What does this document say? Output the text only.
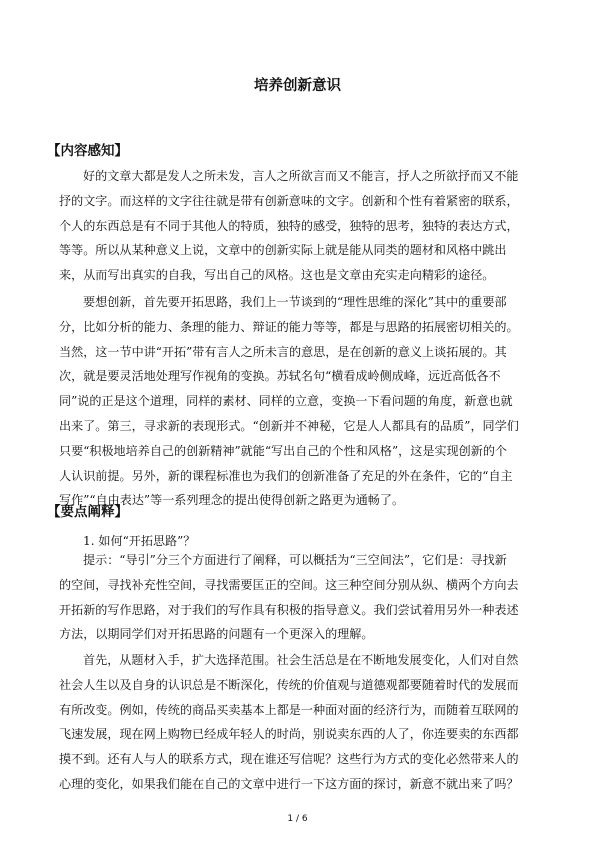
培养创新意识
【内容感知】
好的文章大都是发人之所未发，言人之所欲言而又不能言，抒人之所欲抒而又不能
抒的文字。而这样的文字往往就是带有创新意味的文字。创新和个性有着紧密的联系，
个人的东西总是有不同于其他人的特质，独特的感受，独特的思考，独特的表达方式，
等等。所以从某种意义上说，文章中的创新实际上就是能从同类的题材和风格中跳出
来，从而写出真实的自我，写出自己的风格。这也是文章由充实走向精彩的途径。
要想创新，首先要开拓思路，我们上一节谈到的“理性思维的深化”其中的重要部
分，比如分析的能力、条理的能力、辩证的能力等等，都是与思路的拓展密切相关的。
当然，这一节中讲“开拓”带有言人之所未言的意思，是在创新的意义上谈拓展的。其
次，就是要灵活地处理写作视角的变换。苏轼名句“横看成岭侧成峰，远近高低各不
同”说的正是这个道理，同样的素材、同样的立意，变换一下看问题的角度，新意也就
出来了。第三，寻求新的表现形式。“创新并不神秘，它是人人都具有的品质”，同学们
只要“积极地培养自己的创新精神”就能“写出自己的个性和风格”，这是实现创新的个
人认识前提。另外，新的课程标准也为我们的创新准备了充足的外在条件，它的“自主
写作”“自由表达”等一系列理念的提出使得创新之路更为通畅了。
【要点阐释】
1. 如何“开拓思路”？
提示：“导引”分三个方面进行了阐释，可以概括为“三空间法”，它们是：寻找新
的空间，寻找补充性空间，寻找需要匡正的空间。这三种空间分别从纵、横两个方向去
开拓新的写作思路，对于我们的写作具有积极的指导意义。我们尝试着用另外一种表述
方法，以期同学们对开拓思路的问题有一个更深入的理解。
首先，从题材入手，扩大选择范围。社会生活总是在不断地发展变化，人们对自然
社会人生以及自身的认识总是不断深化，传统的价值观与道德观都要随着时代的发展而
有所改变。例如，传统的商品买卖基本上都是一种面对面的经济行为，而随着互联网的
飞速发展，现在网上购物已经成年轻人的时尚，别说卖东西的人了，你连要卖的东西都
摸不到。还有人与人的联系方式，现在谁还写信呢？这些行为方式的变化必然带来人的
心理的变化，如果我们能在自己的文章中进行一下这方面的探讨，新意不就出来了吗？
1 / 6
